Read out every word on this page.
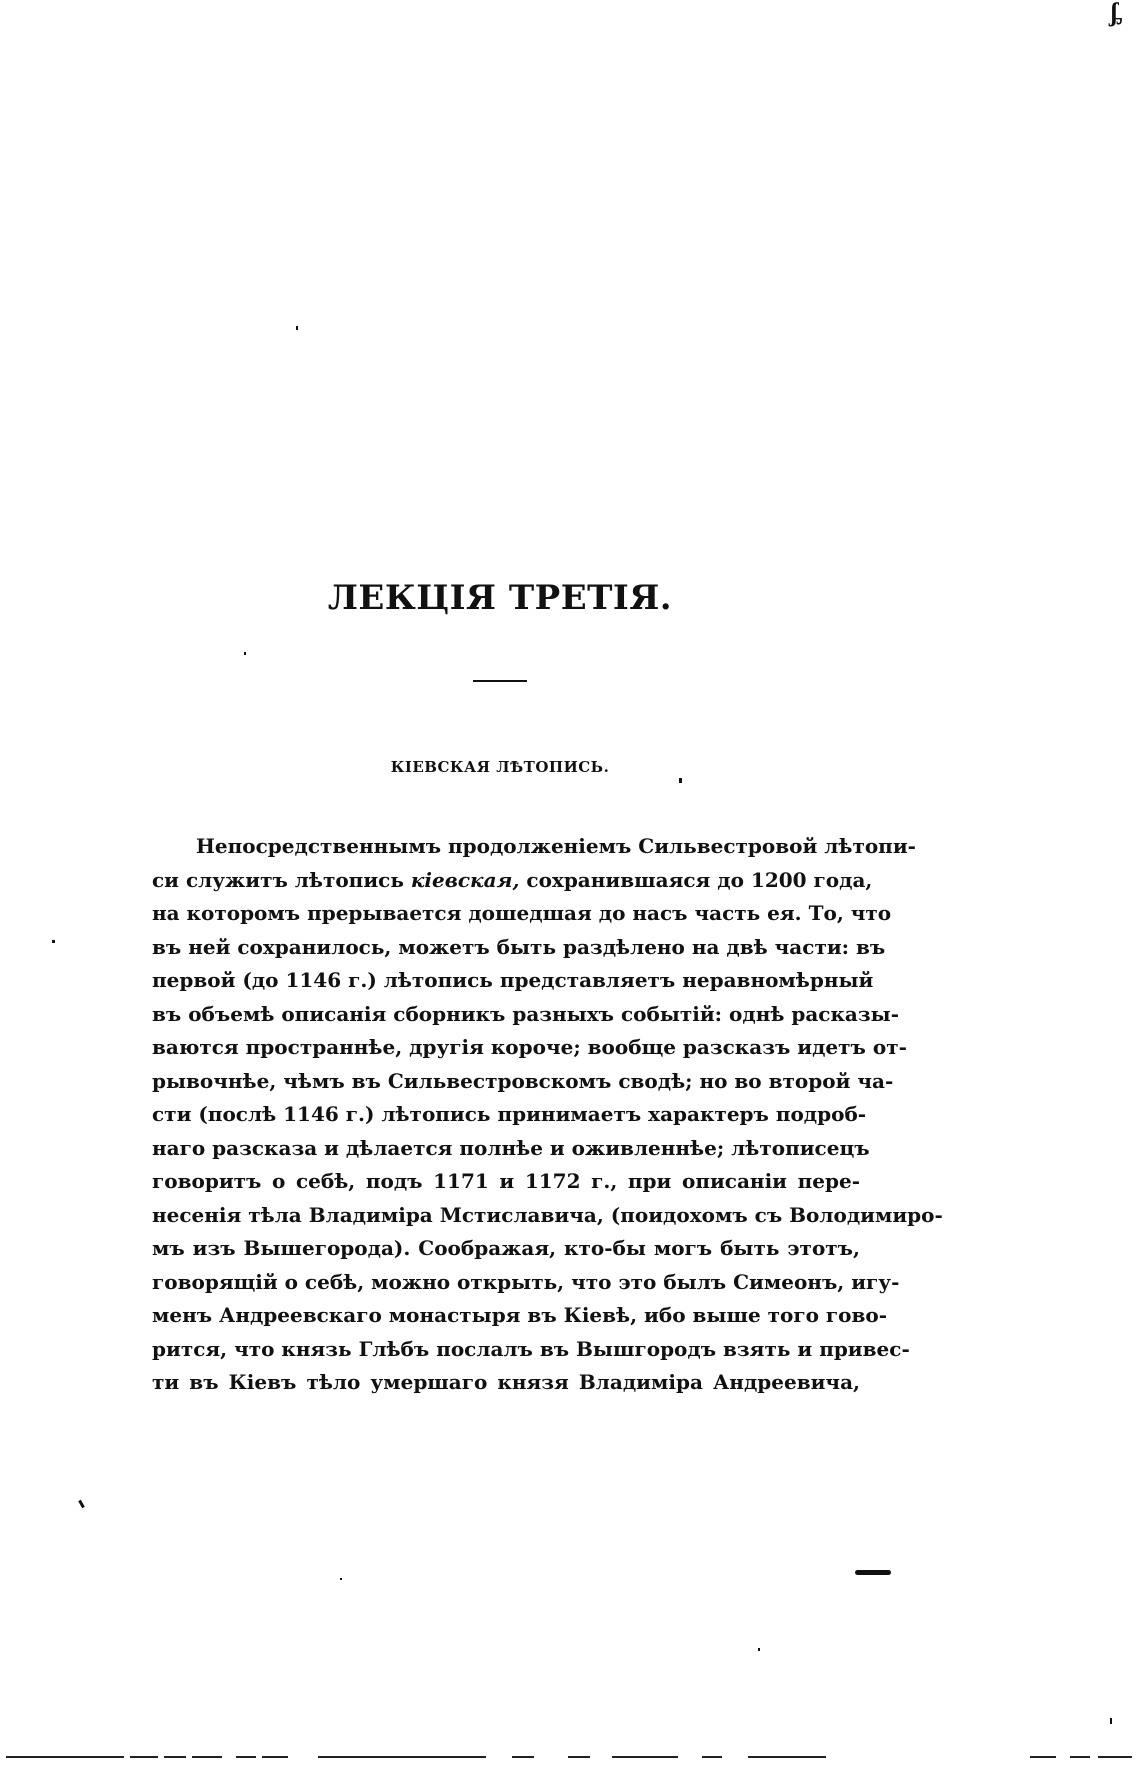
ᶋ
ЛЕКЦІЯ ТРЕТІЯ.
КІЕВСКАЯ ЛѢТОПИСЬ.
Непосредственнымъ продолженіемъ Сильвестровой лѣтопи-
си служитъ лѣтопись кіевская, сохранившаяся до 1200 года,
на которомъ прерывается дошедшая до насъ часть ея. То, что
въ ней сохранилось, можетъ быть раздѣлено на двѣ части: въ
первой (до 1146 г.) лѣтопись представляетъ неравномѣрный
въ объемѣ описанія сборникъ разныхъ событій: однѣ расказы-
ваются пространнѣе, другія короче; вообще разсказъ идетъ от-
рывочнѣе, чѣмъ въ Сильвестровскомъ сводѣ; но во второй ча-
сти (послѣ 1146 г.) лѣтопись принимаетъ характеръ подроб-
наго разсказа и дѣлается полнѣе и оживленнѣе; лѣтописецъ
говоритъ о себѣ, подъ 1171 и 1172 г., при описаніи пере-
несенія тѣла Владиміра Мстиславича, (поидохомъ съ Володимиро-
мъ изъ Вышегорода). Соображая, кто-бы могъ быть этотъ,
говорящій о себѣ, можно открыть, что это былъ Симеонъ, игу-
менъ Андреевскаго монастыря въ Кіевѣ, ибо выше того гово-
рится, что князь Глѣбъ послалъ въ Вышгородъ взять и привес-
ти въ Кіевъ тѣло умершаго князя Владиміра Андреевича,
